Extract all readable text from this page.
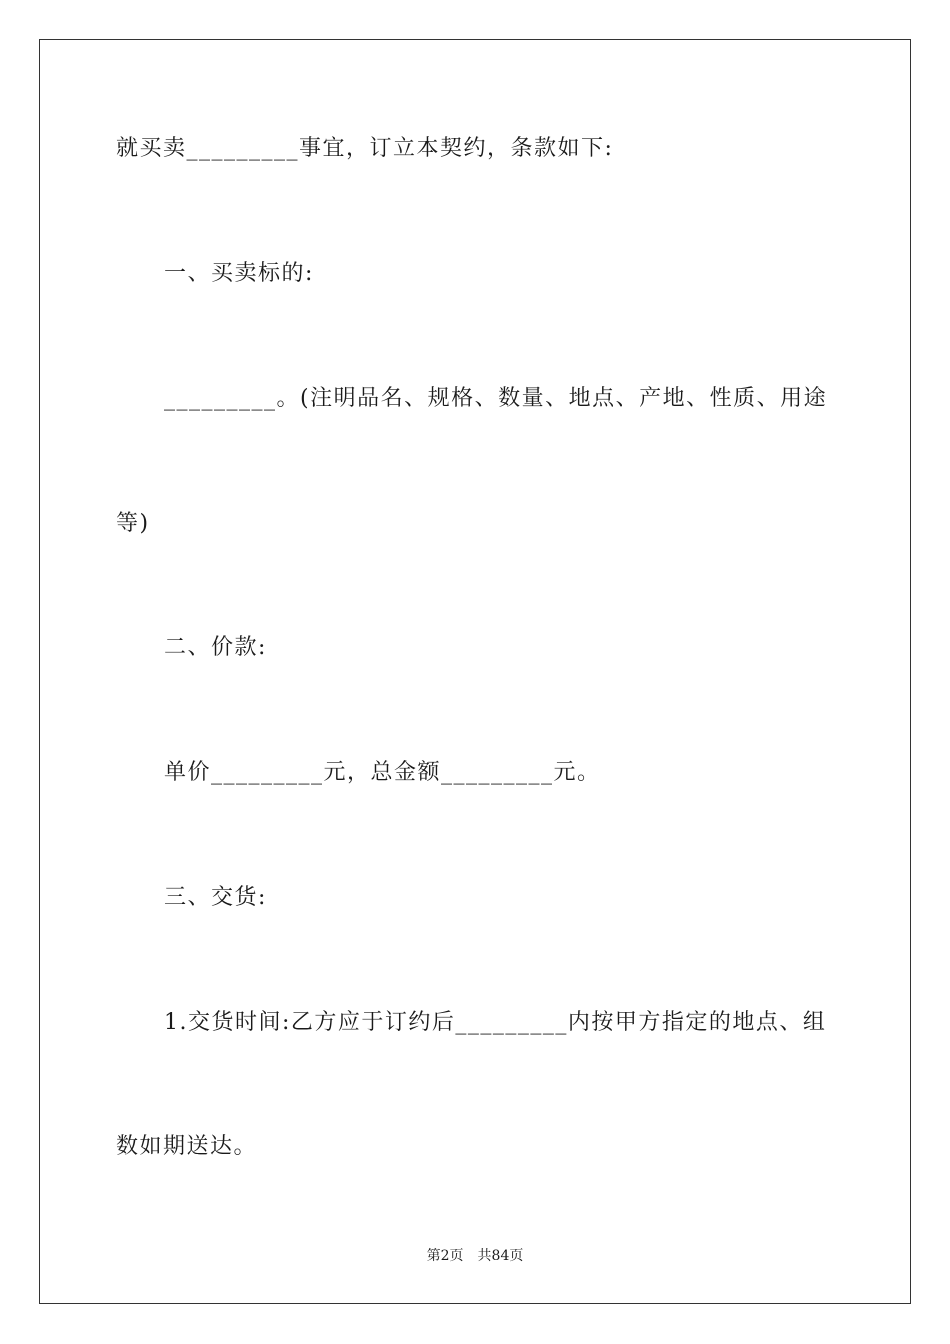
就买卖_________事宜，订立本契约，条款如下:
一、买卖标的:
_________。(注明品名、规格、数量、地点、产地、性质、用途
等)
二、价款:
单价_________元，总金额_________元。
三、交货:
1.交货时间:乙方应于订约后_________内按甲方指定的地点、组
数如期送达。
第2页 共84页
